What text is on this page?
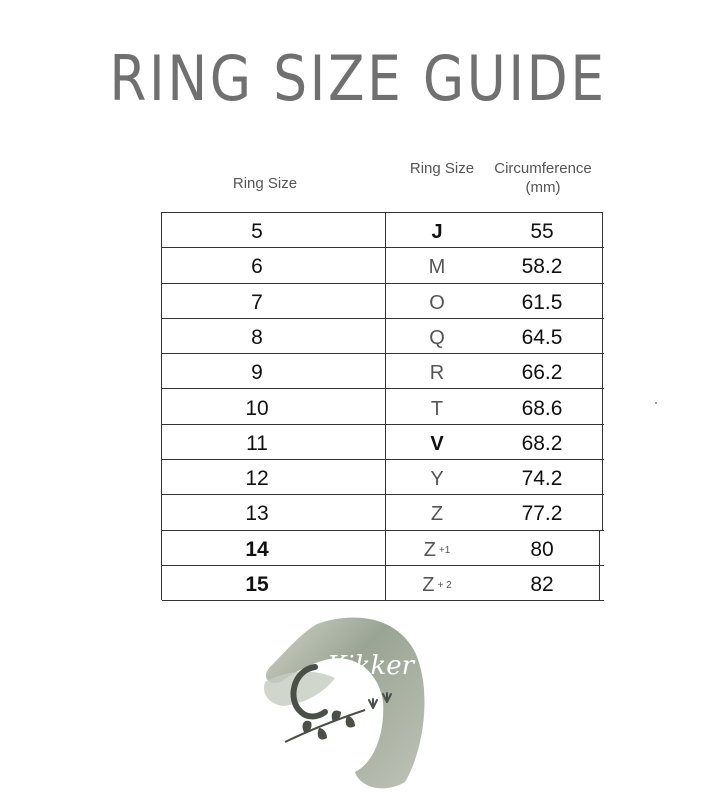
RING SIZE GUIDE
Ring Size
Ring Size	Circumference
(mm)
5	J	55
6	M	58.2
7	O	61.5
8	Q	64.5
9	R	66.2
10	T	68.6
11	V	68.2
12	Y	74.2
13	Z	77.2
14	Z $^{+1}$	80
15	Z $^{+ 2}$	82
Kikker
rafts
